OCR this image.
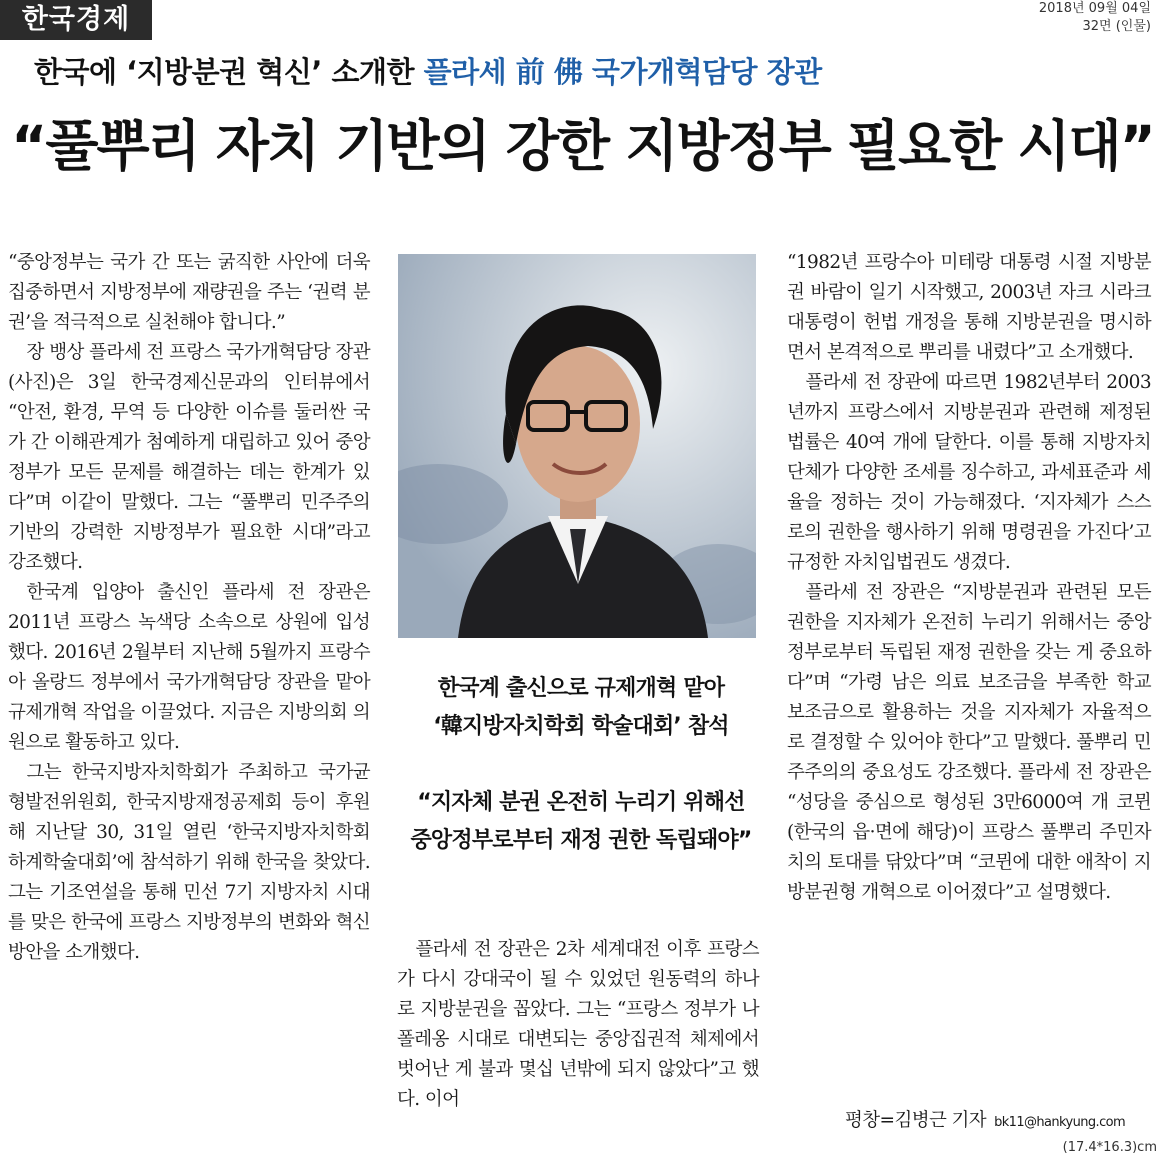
한국경제	2018년 09월 04일
32면 (인물)
한국에 ‘지방분권 혁신’ 소개한 플라세 前 佛 국가개혁담당 장관
“풀뿌리 자치 기반의 강한 지방정부 필요한 시대”

“중앙정부는 국가 간 또는 굵직한 사안에 더욱 집중하면서 지방정부에 재량권을 주는 ‘권력 분권’을 적극적으로 실천해야 합니다.”

장 뱅상 플라세 전 프랑스 국가개혁담당 장관(사진)은 3일 한국경제신문과의 인터뷰에서 “안전, 환경, 무역 등 다양한 이슈를 둘러싼 국가 간 이해관계가 첨예하게 대립하고 있어 중앙정부가 모든 문제를 해결하는 데는 한계가 있다”며 이같이 말했다. 그는 “풀뿌리 민주주의 기반의 강력한 지방정부가 필요한 시대”라고 강조했다.

한국계 입양아 출신인 플라세 전 장관은 2011년 프랑스 녹색당 소속으로 상원에 입성했다. 2016년 2월부터 지난해 5월까지 프랑수아 올랑드 정부에서 국가개혁담당 장관을 맡아 규제개혁 작업을 이끌었다. 지금은 지방의회 의원으로 활동하고 있다.

그는 한국지방자치학회가 주최하고 국가균형발전위원회, 한국지방재정공제회 등이 후원해 지난달 30, 31일 열린 ‘한국지방자치학회 하계학술대회’에 참석하기 위해 한국을 찾았다. 그는 기조연설을 통해 민선 7기 지방자치 시대를 맞은 한국에 프랑스 지방정부의 변화와 혁신 방안을 소개했다.

한국계 출신으로 규제개혁 맡아
‘韓지방자치학회 학술대회’ 참석
“지자체 분권 온전히 누리기 위해선
중앙정부로부터 재정 권한 독립돼야”

플라세 전 장관은 2차 세계대전 이후 프랑스가 다시 강대국이 될 수 있었던 원동력의 하나로 지방분권을 꼽았다. 그는 “프랑스 정부가 나폴레옹 시대로 대변되는 중앙집권적 체제에서 벗어난 게 불과 몇십 년밖에 되지 않았다”고 했다. 이어

“1982년 프랑수아 미테랑 대통령 시절 지방분권 바람이 일기 시작했고, 2003년 자크 시라크 대통령이 헌법 개정을 통해 지방분권을 명시하면서 본격적으로 뿌리를 내렸다”고 소개했다.

플라세 전 장관에 따르면 1982년부터 2003년까지 프랑스에서 지방분권과 관련해 제정된 법률은 40여 개에 달한다. 이를 통해 지방자치단체가 다양한 조세를 징수하고, 과세표준과 세율을 정하는 것이 가능해졌다. ‘지자체가 스스로의 권한을 행사하기 위해 명령권을 가진다’고 규정한 자치입법권도 생겼다.

플라세 전 장관은 “지방분권과 관련된 모든 권한을 지자체가 온전히 누리기 위해서는 중앙정부로부터 독립된 재정 권한을 갖는 게 중요하다”며 “가령 남은 의료 보조금을 부족한 학교 보조금으로 활용하는 것을 지자체가 자율적으로 결정할 수 있어야 한다”고 말했다. 풀뿌리 민주주의의 중요성도 강조했다. 플라세 전 장관은 “성당을 중심으로 형성된 3만6000여 개 코뮌(한국의 읍·면에 해당)이 프랑스 풀뿌리 주민자치의 토대를 닦았다”며 “코뮌에 대한 애착이 지방분권형 개혁으로 이어졌다”고 설명했다.

평창=김병근 기자 bk11@hankyung.com
(17.4*16.3)cm
